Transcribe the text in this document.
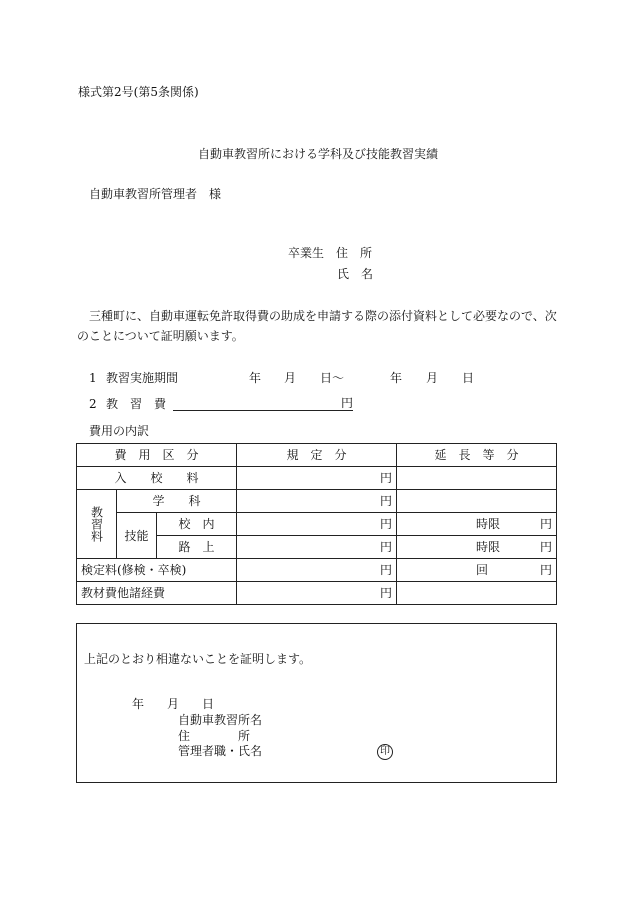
様式第2号(第5条関係)
自動車教習所における学科及び技能教習実績
自動車教習所管理者　様
卒業生　住　所
氏　名
三種町に、自動車運転免許取得費の助成を申請する際の添付資料として必要なので、次
のことについて証明願います。
1 教習実施期間	年 月 日〜	年 月 日
2 教　習　費	円
費用の内訳
費　用　区　分			規　定　分	延　長　等　分
入　　校　　料			円	

教習料	学　　科		円	
	技能	校　内	円	時限 円
		路　上	円	時限 円
検定料(修検・卒検)			円	回 円
教材費他諸経費			円	
上記のとおり相違ないことを証明します。
年 月 日
自動車教習所名
住　　　　所
管理者職・氏名	印
